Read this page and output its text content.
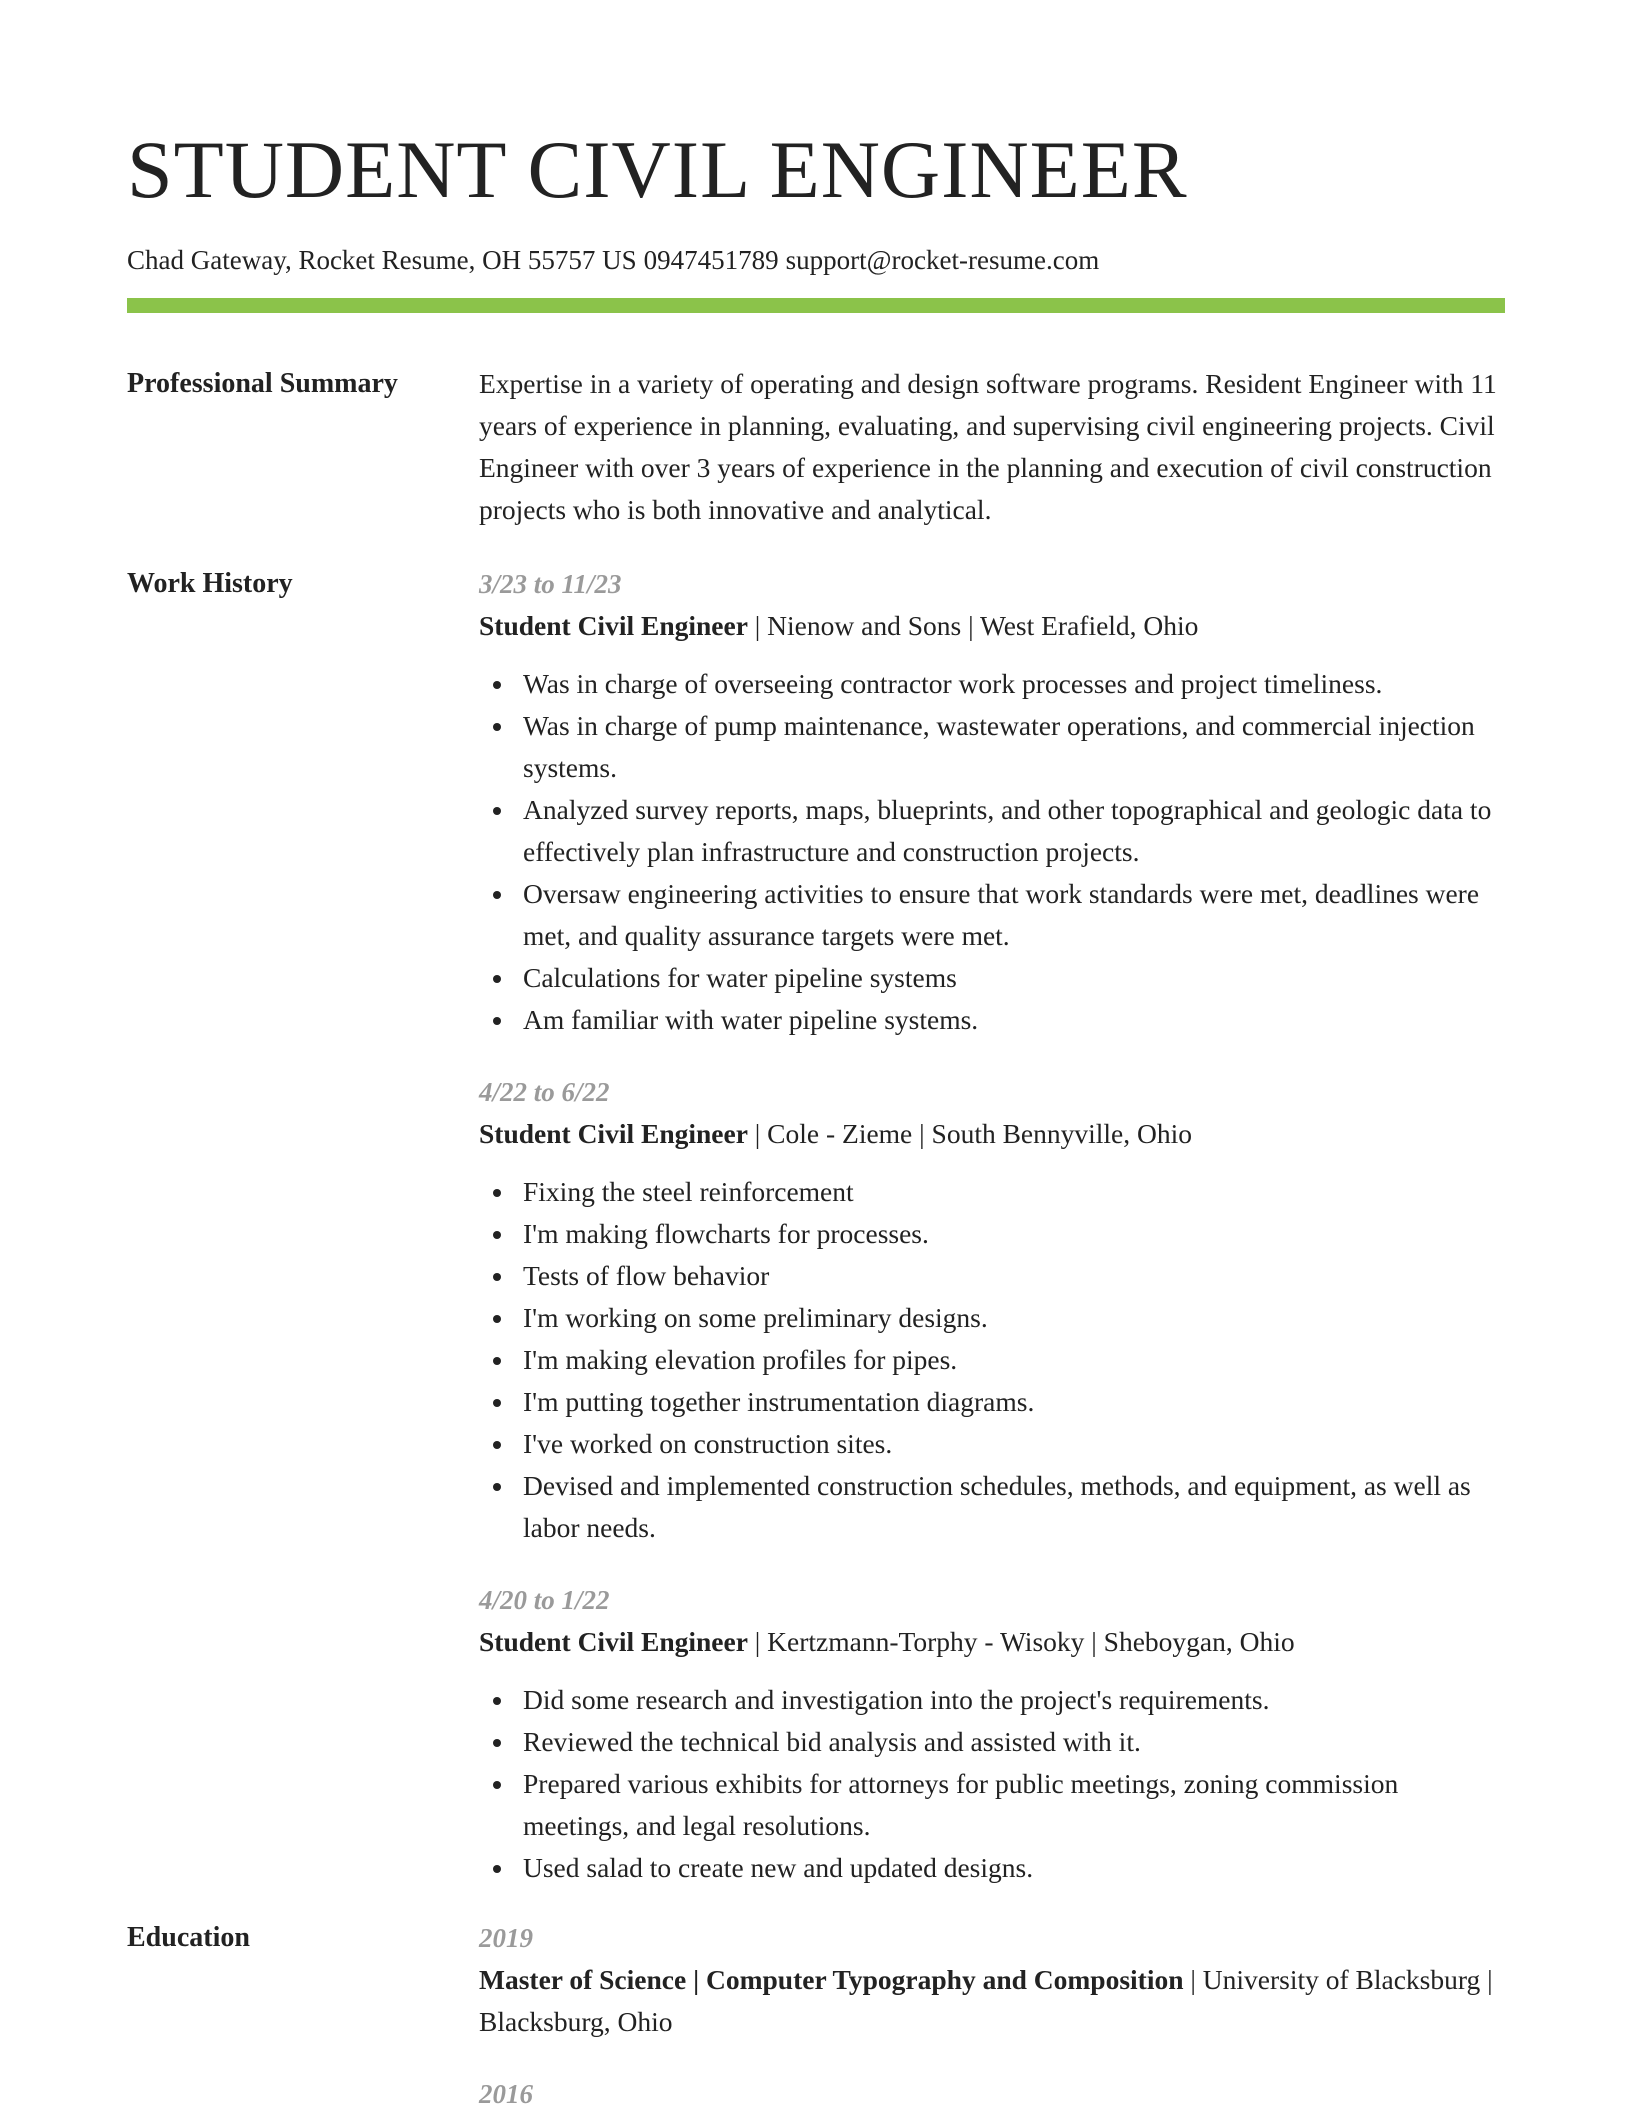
STUDENT CIVIL ENGINEER
Chad Gateway, Rocket Resume, OH 55757 US 0947451789 support@rocket-resume.com
Professional Summary	Expertise in a variety of operating and design software programs. Resident Engineer with 11 years of experience in planning, evaluating, and supervising civil engineering projects. Civil Engineer with over 3 years of experience in the planning and execution of civil construction projects who is both innovative and analytical.
Work History	3/23 to 11/23
Student Civil Engineer | Nienow and Sons | West Erafield, Ohio
Was in charge of overseeing contractor work processes and project timeliness.
Was in charge of pump maintenance, wastewater operations, and commercial injection systems.
Analyzed survey reports, maps, blueprints, and other topographical and geologic data to effectively plan infrastructure and construction projects.
Oversaw engineering activities to ensure that work standards were met, deadlines were met, and quality assurance targets were met.
Calculations for water pipeline systems
Am familiar with water pipeline systems.
4/22 to 6/22
Student Civil Engineer | Cole - Zieme | South Bennyville, Ohio
Fixing the steel reinforcement
I'm making flowcharts for processes.
Tests of flow behavior
I'm working on some preliminary designs.
I'm making elevation profiles for pipes.
I'm putting together instrumentation diagrams.
I've worked on construction sites.
Devised and implemented construction schedules, methods, and equipment, as well as labor needs.
4/20 to 1/22
Student Civil Engineer | Kertzmann-Torphy - Wisoky | Sheboygan, Ohio
Did some research and investigation into the project's requirements.
Reviewed the technical bid analysis and assisted with it.
Prepared various exhibits for attorneys for public meetings, zoning commission meetings, and legal resolutions.
Used salad to create new and updated designs.
Education	2019
Master of Science | Computer Typography and Composition | University of Blacksburg | Blacksburg, Ohio
2016
